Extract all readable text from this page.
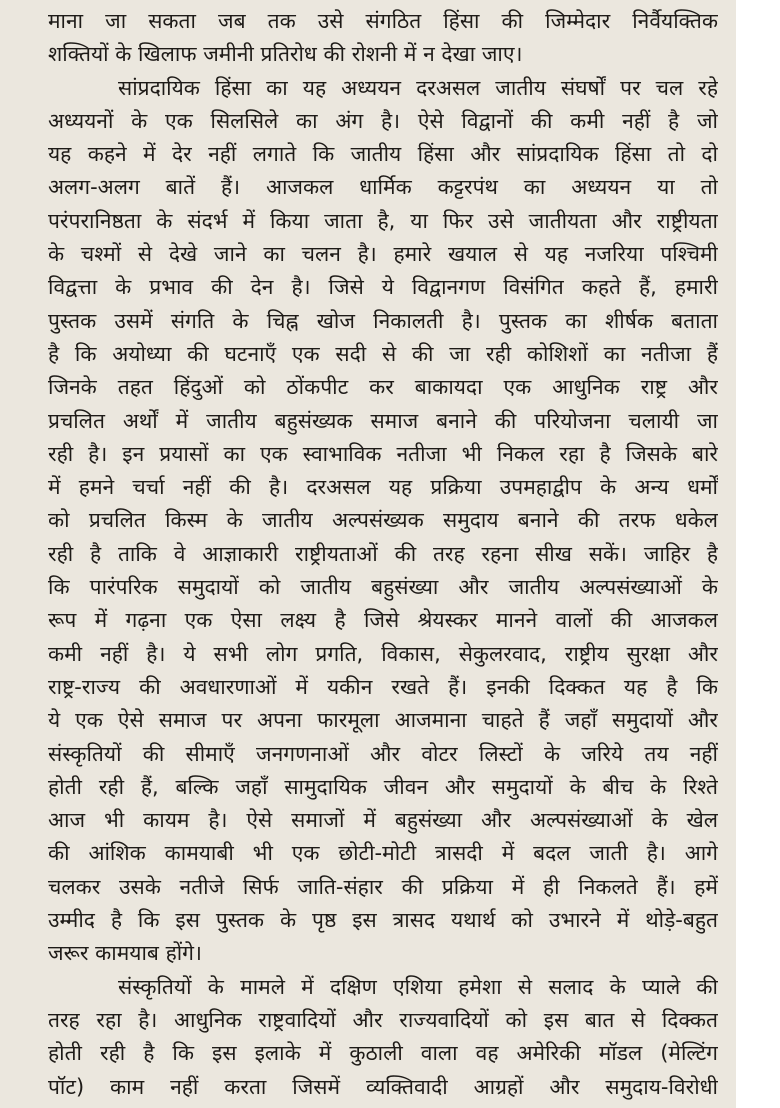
माना जा सकता जब तक उसे संगठित हिंसा की जिम्मेदार निर्वैयक्तिक
शक्तियों के खिलाफ जमीनी प्रतिरोध की रोशनी में न देखा जाए।
सांप्रदायिक हिंसा का यह अध्ययन दरअसल जातीय संघर्षों पर चल रहे
अध्ययनों के एक सिलसिले का अंग है। ऐसे विद्वानों की कमी नहीं है जो
यह कहने में देर नहीं लगाते कि जातीय हिंसा और सांप्रदायिक हिंसा तो दो
अलग-अलग बातें हैं। आजकल धार्मिक कट्टरपंथ का अध्ययन या तो
परंपरानिष्ठता के संदर्भ में किया जाता है, या फिर उसे जातीयता और राष्ट्रीयता
के चश्मों से देखे जाने का चलन है। हमारे खयाल से यह नजरिया पश्चिमी
विद्वत्ता के प्रभाव की देन है। जिसे ये विद्वानगण विसंगित कहते हैं, हमारी
पुस्तक उसमें संगति के चिह्न खोज निकालती है। पुस्तक का शीर्षक बताता
है कि अयोध्या की घटनाएँ एक सदी से की जा रही कोशिशों का नतीजा हैं
जिनके तहत हिंदुओं को ठोंकपीट कर बाकायदा एक आधुनिक राष्ट्र और
प्रचलित अर्थों में जातीय बहुसंख्यक समाज बनाने की परियोजना चलायी जा
रही है। इन प्रयासों का एक स्वाभाविक नतीजा भी निकल रहा है जिसके बारे
में हमने चर्चा नहीं की है। दरअसल यह प्रक्रिया उपमहाद्वीप के अन्य धर्मों
को प्रचलित किस्म के जातीय अल्पसंख्यक समुदाय बनाने की तरफ धकेल
रही है ताकि वे आज्ञाकारी राष्ट्रीयताओं की तरह रहना सीख सकें। जाहिर है
कि पारंपरिक समुदायों को जातीय बहुसंख्या और जातीय अल्पसंख्याओं के
रूप में गढ़ना एक ऐसा लक्ष्य है जिसे श्रेयस्कर मानने वालों की आजकल
कमी नहीं है। ये सभी लोग प्रगति, विकास, सेकुलरवाद, राष्ट्रीय सुरक्षा और
राष्ट्र-राज्य की अवधारणाओं में यकीन रखते हैं। इनकी दिक्कत यह है कि
ये एक ऐसे समाज पर अपना फारमूला आजमाना चाहते हैं जहाँ समुदायों और
संस्कृतियों की सीमाएँ जनगणनाओं और वोटर लिस्टों के जरिये तय नहीं
होती रही हैं, बल्कि जहाँ सामुदायिक जीवन और समुदायों के बीच के रिश्ते
आज भी कायम है। ऐसे समाजों में बहुसंख्या और अल्पसंख्याओं के खेल
की आंशिक कामयाबी भी एक छोटी-मोटी त्रासदी में बदल जाती है। आगे
चलकर उसके नतीजे सिर्फ जाति-संहार की प्रक्रिया में ही निकलते हैं। हमें
उम्मीद है कि इस पुस्तक के पृष्ठ इस त्रासद यथार्थ को उभारने में थोड़े-बहुत
जरूर कामयाब होंगे।
संस्कृतियों के मामले में दक्षिण एशिया हमेशा से सलाद के प्याले की
तरह रहा है। आधुनिक राष्ट्रवादियों और राज्यवादियों को इस बात से दिक्कत
होती रही है कि इस इलाके में कुठाली वाला वह अमेरिकी मॉडल (मेल्टिंग
पॉट) काम नहीं करता जिसमें व्यक्तिवादी आग्रहों और समुदाय-विरोधी
